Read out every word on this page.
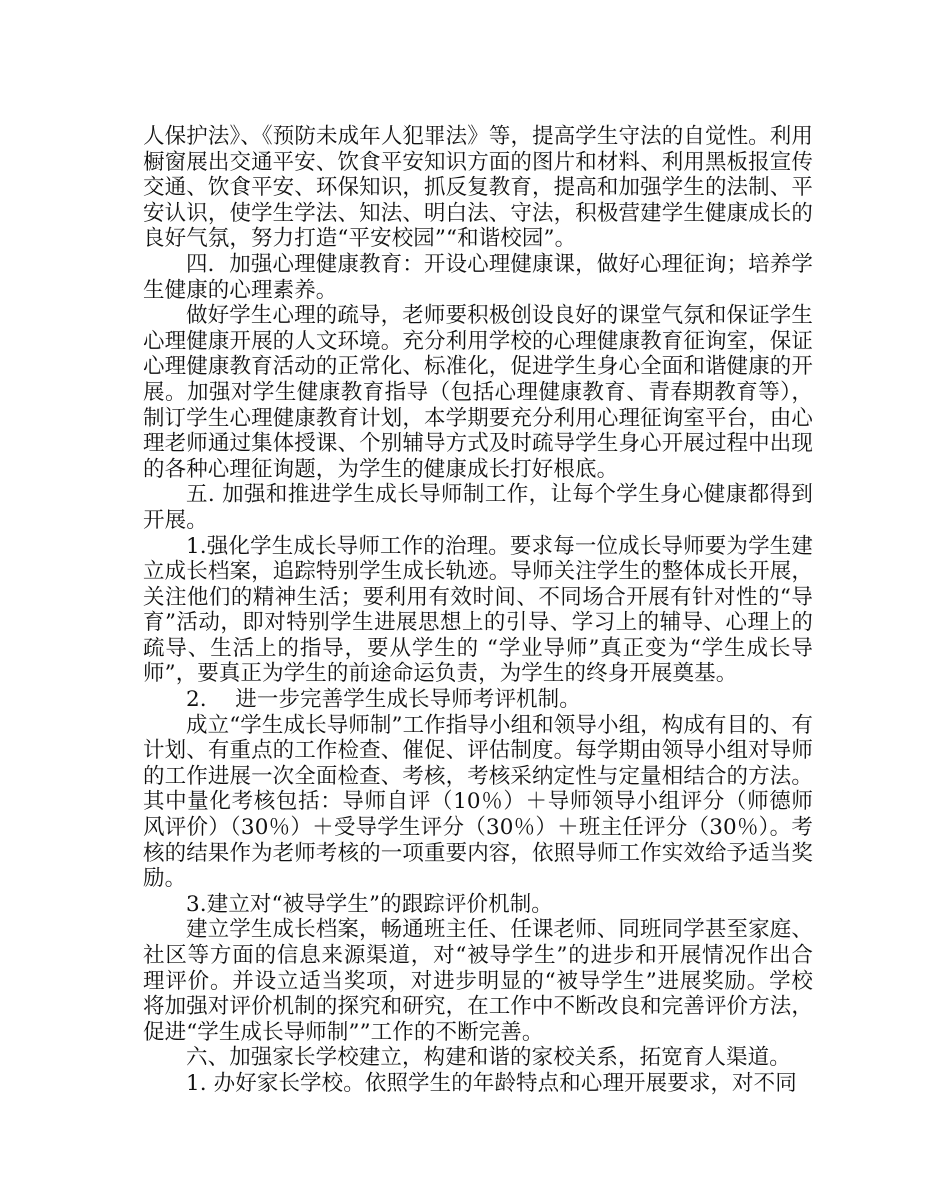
人保护法》、《预防未成年人犯罪法》等，提高学生守法的自觉性。利用橱窗展出交通平安、饮食平安知识方面的图片和材料、利用黑板报宣传交通、饮食平安、环保知识，抓反复教育，提高和加强学生的法制、平安认识，使学生学法、知法、明白法、守法，积极营建学生健康成长的良好气氛，努力打造“平安校园”“和谐校园”。

四．加强心理健康教育：开设心理健康课，做好心理征询；培养学生健康的心理素养。

做好学生心理的疏导，老师要积极创设良好的课堂气氛和保证学生心理健康开展的人文环境。充分利用学校的心理健康教育征询室，保证心理健康教育活动的正常化、标准化，促进学生身心全面和谐健康的开展。加强对学生健康教育指导（包括心理健康教育、青春期教育等），制订学生心理健康教育计划，本学期要充分利用心理征询室平台，由心理老师通过集体授课、个别辅导方式及时疏导学生身心开展过程中出现的各种心理征询题，为学生的健康成长打好根底。

五. 加强和推进学生成长导师制工作，让每个学生身心健康都得到开展。

1.强化学生成长导师工作的治理。要求每一位成长导师要为学生建立成长档案，追踪特别学生成长轨迹。导师关注学生的整体成长开展，关注他们的精神生活；要利用有效时间、不同场合开展有针对性的“导育”活动，即对特别学生进展思想上的引导、学习上的辅导、心理上的疏导、生活上的指导，要从学生的 “学业导师”真正变为“学生成长导师”，要真正为学生的前途命运负责，为学生的终身开展奠基。

2.　 进一步完善学生成长导师考评机制。

成立“学生成长导师制”工作指导小组和领导小组，构成有目的、有计划、有重点的工作检查、催促、评估制度。每学期由领导小组对导师的工作进展一次全面检查、考核，考核采纳定性与定量相结合的方法。其中量化考核包括：导师自评（10％）＋导师领导小组评分（师德师风评价）（30％）＋受导学生评分（30％）＋班主任评分（30％）。考核的结果作为老师考核的一项重要内容，依照导师工作实效给予适当奖励。

3.建立对“被导学生”的跟踪评价机制。

建立学生成长档案，畅通班主任、任课老师、同班同学甚至家庭、社区等方面的信息来源渠道，对“被导学生”的进步和开展情况作出合理评价。并设立适当奖项，对进步明显的“被导学生”进展奖励。学校将加强对评价机制的探究和研究，在工作中不断改良和完善评价方法，促进“学生成长导师制””工作的不断完善。

六、加强家长学校建立，构建和谐的家校关系，拓宽育人渠道。

1. 办好家长学校。依照学生的年龄特点和心理开展要求，对不同
